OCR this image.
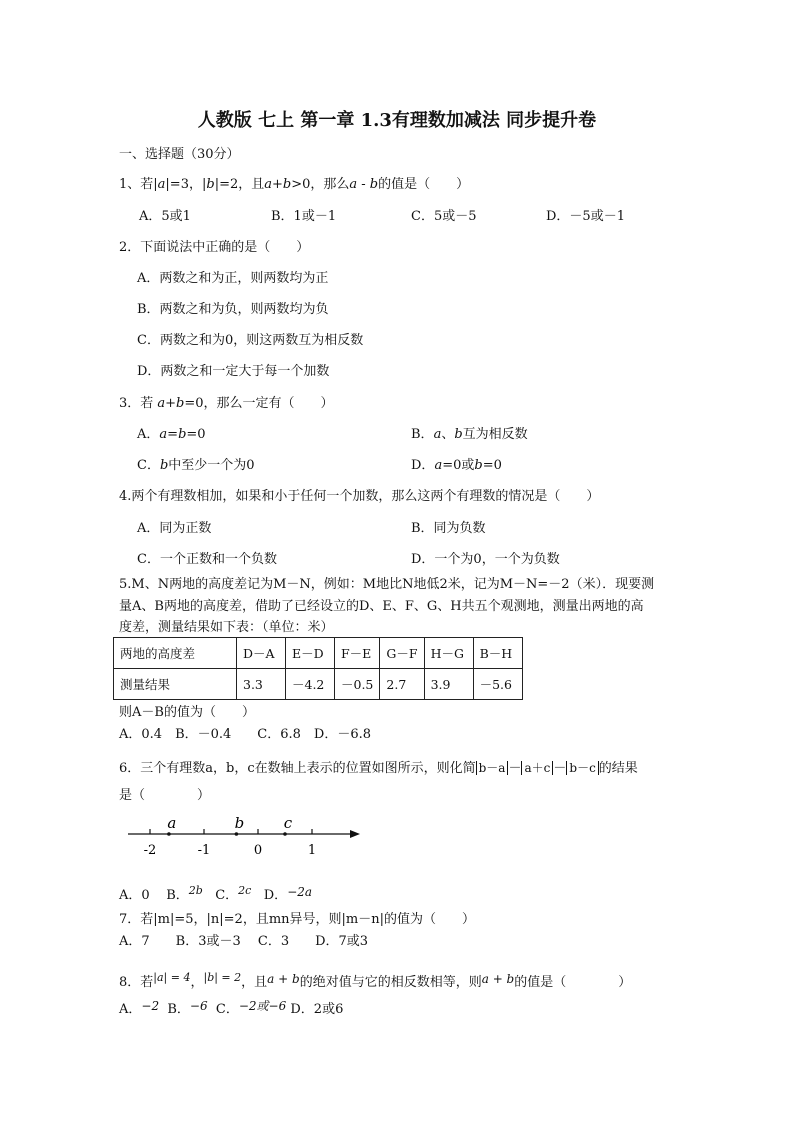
人教版 七上 第一章 1.3有理数加减法 同步提升卷
一、选择题（30分）
1、若|a|=3，|b|=2，且a+b>0，那么a - b的值是（　　）
A．5或1	B．1或－1	C．5或－5	D．－5或－1
2．下面说法中正确的是（　　）
A．两数之和为正，则两数均为正
B．两数之和为负，则两数均为负
C．两数之和为0，则这两数互为相反数
D．两数之和一定大于每一个加数
3．若 a+b=0，那么一定有（　　）
A．a=b=0	B．a、b互为相反数
C．b中至少一个为0	D．a=0或b=0
4.两个有理数相加，如果和小于任何一个加数，那么这两个有理数的情况是（　　）
A．同为正数	B．同为负数
C．一个正数和一个负数	D．一个为0，一个为负数
5.M、N两地的高度差记为M－N，例如：M地比N地低2米，记为M－N=－2（米）．现要测
量A、B两地的高度差，借助了已经设立的D、E、F、G、H共五个观测地，测量出两地的高
度差，测量结果如下表：（单位：米）
两地的高度差	D－A	E－D	F－E	G－F	H－G	B－H
测量结果	3.3	－4.2	－0.5	2.7	3.9	－5.6
则A－B的值为（　　）
A．0.4　B．－0.4　　C．6.8　D．－6.8
6．三个有理数a，b，c在数轴上表示的位置如图所示，则化简 b－a － a＋c － b－c 的结果
是（　　　　）
-2	-1	0	1
a	b	c
A．0 B．$^{2b}$ C．$^{2c}$ D．−2a
7．若|m|=5，|n|=2，且mn异号，则|m－n|的值为（　　）
A．7　　B．3或－3　 C．3　　D．7或3
8．若$^{|a| = 4}$，$^{|b| = 2}$，且a + b的绝对值与它的相反数相等，则a + b的值是（　　　　）
A．−2 B．−6 C．−2或−6 D．2或6
